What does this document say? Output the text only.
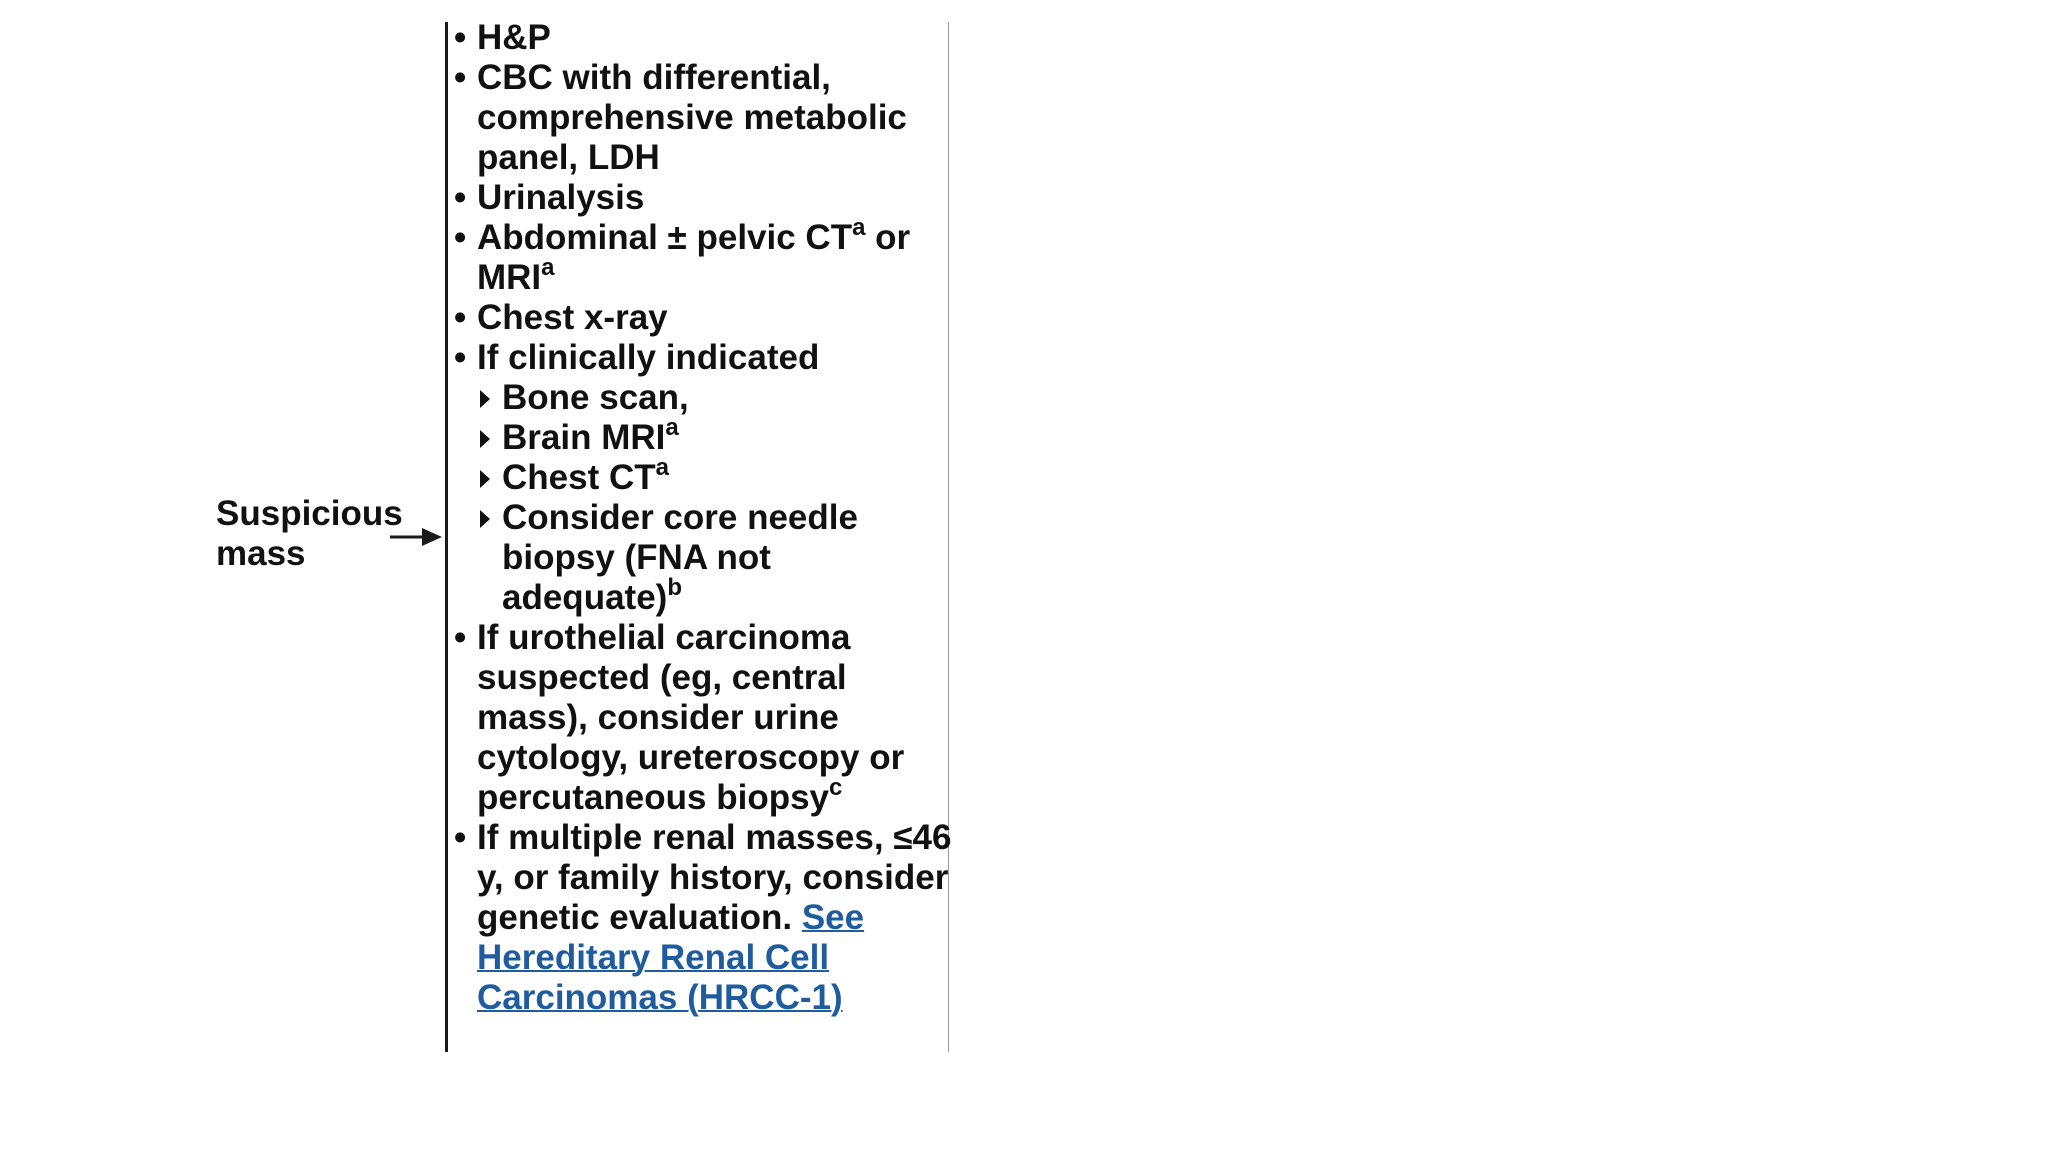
Suspicious
mass
• H&P
• CBC with differential, comprehensive metabolic panel, LDH
• Urinalysis
• Abdominal ± pelvic $CT^a$ or
MRI$^a$
• Chest x-ray
• If clinically indicated
Bone scan,
Brain MRI$^a$
Chest $CT^a$
Consider core needle
biopsy (FNA not
adequate)$^b$
• If urothelial carcinoma suspected (eg, central mass), consider urine cytology, ureteroscopy or percutaneous biopsy$^c$
• If multiple renal masses, ≤46 y, or family history, consider genetic evaluation. See Hereditary Renal Cell Carcinomas (HRCC-1)
